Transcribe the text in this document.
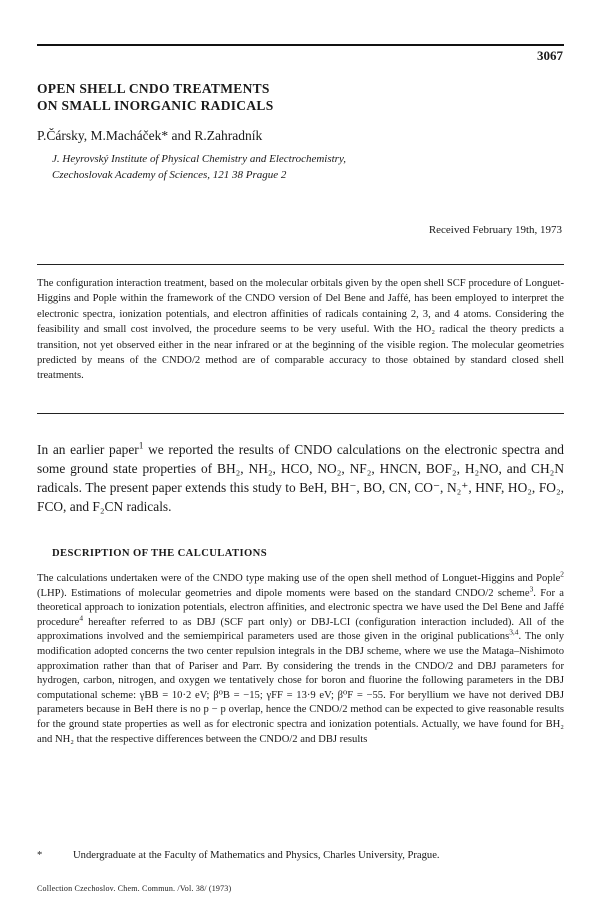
3067
OPEN SHELL CNDO TREATMENTS
ON SMALL INORGANIC RADICALS
P.Čársky, M.Macháček* and R.Zahradník
J. Heyrovský Institute of Physical Chemistry and Electrochemistry,
Czechoslovak Academy of Sciences, 121 38 Prague 2
Received February 19th, 1973
The configuration interaction treatment, based on the molecular orbitals given by the open shell SCF procedure of Longuet-Higgins and Pople within the framework of the CNDO version of Del Bene and Jaffé, has been employed to interpret the electronic spectra, ionization potentials, and electron affinities of radicals containing 2, 3, and 4 atoms. Considering the feasibility and small cost involved, the procedure seems to be very useful. With the HO₂ radical the theory predicts a transition, not yet observed either in the near infrared or at the beginning of the visible region. The molecular geometries predicted by means of the CNDO/2 method are of comparable accuracy to those obtained by standard closed shell treatments.
In an earlier paper$^1$ we reported the results of CNDO calculations on the electronic spectra and some ground state properties of BH₂, NH₂, HCO, NO₂, NF₂, HNCN, BOF₂, H₂NO, and CH₂N radicals. The present paper extends this study to BeH, BH⁻, BO, CN, CO⁻, N₂⁺, HNF, HO₂, FO₂, FCO, and F₂CN radicals.
DESCRIPTION OF THE CALCULATIONS
The calculations undertaken were of the CNDO type making use of the open shell method of Longuet-Higgins and Pople$^2$ (LHP). Estimations of molecular geometries and dipole moments were based on the standard CNDO/2 scheme$^3$. For a theoretical approach to ionization potentials, electron affinities, and electronic spectra we have used the Del Bene and Jaffé procedure$^4$ hereafter referred to as DBJ (SCF part only) or DBJ-LCI (configuration interaction included). All of the approximations involved and the semiempirical parameters used are those given in the original publications$^{3,4}$. The only modification adopted concerns the two center repulsion integrals in the DBJ scheme, where we use the Mataga–Nishimoto approximation rather than that of Pariser and Parr. By considering the trends in the CNDO/2 and DBJ parameters for hydrogen, carbon, nitrogen, and oxygen we tentatively chose for boron and fluorine the following parameters in the DBJ computational scheme: γBB = 10·2 eV; β⁰B = −15; γFF = 13·9 eV; β⁰F = −55. For beryllium we have not derived DBJ parameters because in BeH there is no p − p overlap, hence the CNDO/2 method can be expected to give reasonable results for the ground state properties as well as for electronic spectra and ionization potentials. Actually, we have found for BH₂ and NH₂ that the respective differences between the CNDO/2 and DBJ results
*	Undergraduate at the Faculty of Mathematics and Physics, Charles University, Prague.
Collection Czechoslov. Chem. Commun. /Vol. 38/ (1973)
